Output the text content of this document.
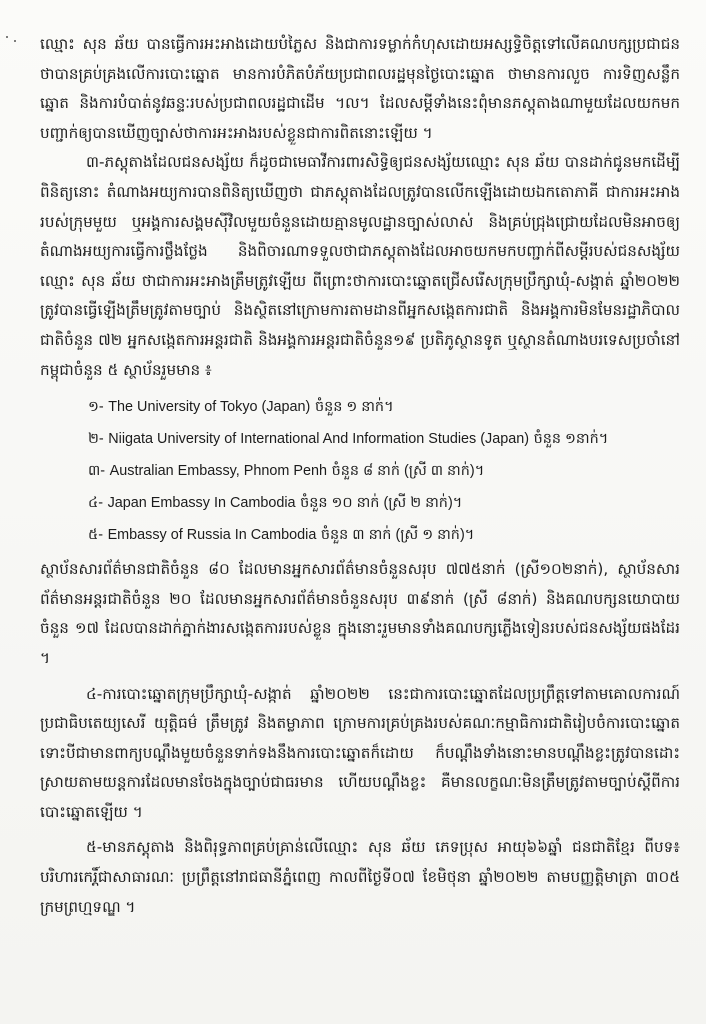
ឈ្មោះ សុន ឆ័យ បានធ្វើការអះអាងដោយបំភ្លៃស និងជាការទម្លាក់កំហុសដោយអស្សទ្ធិចិត្តទៅលើគណបក្សប្រជាជន ថាបានគ្រប់គ្រងលើការបោះឆ្នោត មានការបំភិតបំភ័យប្រជាពលរដ្ឋមុនថ្ងៃបោះឆ្នោត ថាមានការលួច ការទិញសន្លឹកឆ្នោត និងការបំបាត់នូវឆន្ទៈរបស់ប្រជាពលរដ្ឋជាដើម ។ល។ ដែលសម្ដីទាំងនេះពុំមានភស្តុតាងណាមួយដែលយកមកបញ្ជាក់ឲ្យបានឃើញច្បាស់ថាការអះអាងរបស់ខ្លួនជាការពិតនោះឡើយ ។

៣-ភស្តុតាងដែលជនសង្ស័យ ក៏ដូចជាមេធាវីការពារសិទ្ធិឲ្យជនសង្ស័យឈ្មោះ សុន ឆ័យ បានដាក់ជូនមកដើម្បីពិនិត្យនោះ តំណាងអយ្យការបានពិនិត្យឃើញថា ជាភស្តុតាងដែលត្រូវបានលើកឡើងដោយឯកតោភាគី ជាការអះអាងរបស់ក្រុមមួយ ឬអង្គការសង្គមស៊ីវិលមួយចំនួនដោយគ្មានមូលដ្ឋានច្បាស់លាស់ និងគ្រប់ជ្រុងជ្រោយដែលមិនអាចឲ្យតំណាងអយ្យការធ្វើការថ្លឹងថ្លែង និងពិចារណាទទួលថាជាភស្តុតាងដែលអាចយកមកបញ្ជាក់ពីសម្ដីរបស់ជនសង្ស័យឈ្មោះ សុន ឆ័យ ថាជាការអះអាងត្រឹមត្រូវឡើយ ពីព្រោះថាការបោះឆ្នោតជ្រើសរើសក្រុមប្រឹក្សាឃុំ-សង្កាត់ ឆ្នាំ២០២២ ត្រូវបានធ្វើឡើងត្រឹមត្រូវតាមច្បាប់ និងស្ថិតនៅក្រោមការតាមដានពីអ្នកសង្កេតការជាតិ និងអង្គការមិនមែនរដ្ឋាភិបាលជាតិចំនួន ៧២ អ្នកសង្កេតការអន្តរជាតិ និងអង្គការអន្តរជាតិចំនួន១៩ ប្រតិភូស្ថានទូត ឬស្ថានតំណាងបរទេសប្រចាំនៅកម្ពុជាចំនួន ៥ ស្ថាប័នរួមមាន ៖

១- The University of Tokyo (Japan) ចំនួន ១ នាក់។
២- Niigata University of International And Information Studies (Japan) ចំនួន ១នាក់។
៣- Australian Embassy, Phnom Penh ចំនួន ៨ នាក់ (ស្រី ៣ នាក់)។
៤- Japan Embassy In Cambodia ចំនួន ១០ នាក់ (ស្រី ២ នាក់)។
៥- Embassy of Russia In Cambodia ចំនួន ៣ នាក់ (ស្រី ១ នាក់)។

ស្ថាប័នសារព័ត៌មានជាតិចំនួន ៨០ ដែលមានអ្នកសារព័ត៌មានចំនួនសរុប ៧៧៥នាក់ (ស្រី១០២នាក់), ស្ថាប័នសារព័ត៌មានអន្តរជាតិចំនួន ២០ ដែលមានអ្នកសារព័ត៌មានចំនួនសរុប ៣៩នាក់ (ស្រី ៨នាក់) និងគណបក្សនយោបាយចំនួន ១៧ ដែលបានដាក់ភ្នាក់ងារសង្កេតការរបស់ខ្លួន ក្នុងនោះរួមមានទាំងគណបក្សភ្លើងទៀនរបស់ជនសង្ស័យផងដែរ ។

៤-ការបោះឆ្នោតក្រុមប្រឹក្សាឃុំ-សង្កាត់ ឆ្នាំ២០២២ នេះជាការបោះឆ្នោតដែលប្រព្រឹត្តទៅតាមគោលការណ៍ប្រជាធិបតេយ្យសេរី យុត្តិធម៌ ត្រឹមត្រូវ និងតម្លាភាព ក្រោមការគ្រប់គ្រងរបស់គណៈកម្មាធិការជាតិរៀបចំការបោះឆ្នោត ទោះបីជាមានពាក្យបណ្ដឹងមួយចំនួនទាក់ទងនឹងការបោះឆ្នោតក៏ដោយ ក៏បណ្ដឹងទាំងនោះមានបណ្ដឹងខ្លះត្រូវបានដោះស្រាយតាមយន្តការដែលមានចែងក្នុងច្បាប់ជាធរមាន ហើយបណ្ដឹងខ្លះ គឺមានលក្ខណៈមិនត្រឹមត្រូវតាមច្បាប់ស្ដីពីការបោះឆ្នោតឡើយ ។

៥-មានភស្តុតាង និងពិរុទ្ធភាពគ្រប់គ្រាន់លើឈ្មោះ សុន ឆ័យ ភេទប្រុស អាយុ៦៦ឆ្នាំ ជនជាតិខ្មែរ ពីបទ៖ បរិហារកេរ្តិ៍ជាសាធារណៈ ប្រព្រឹត្តនៅរាជធានីភ្នំពេញ កាលពីថ្ងៃទី០៧ ខែមិថុនា ឆ្នាំ២០២២ តាមបញ្ញត្តិមាត្រា ៣០៥ ក្រមព្រហ្មទណ្ឌ ។
